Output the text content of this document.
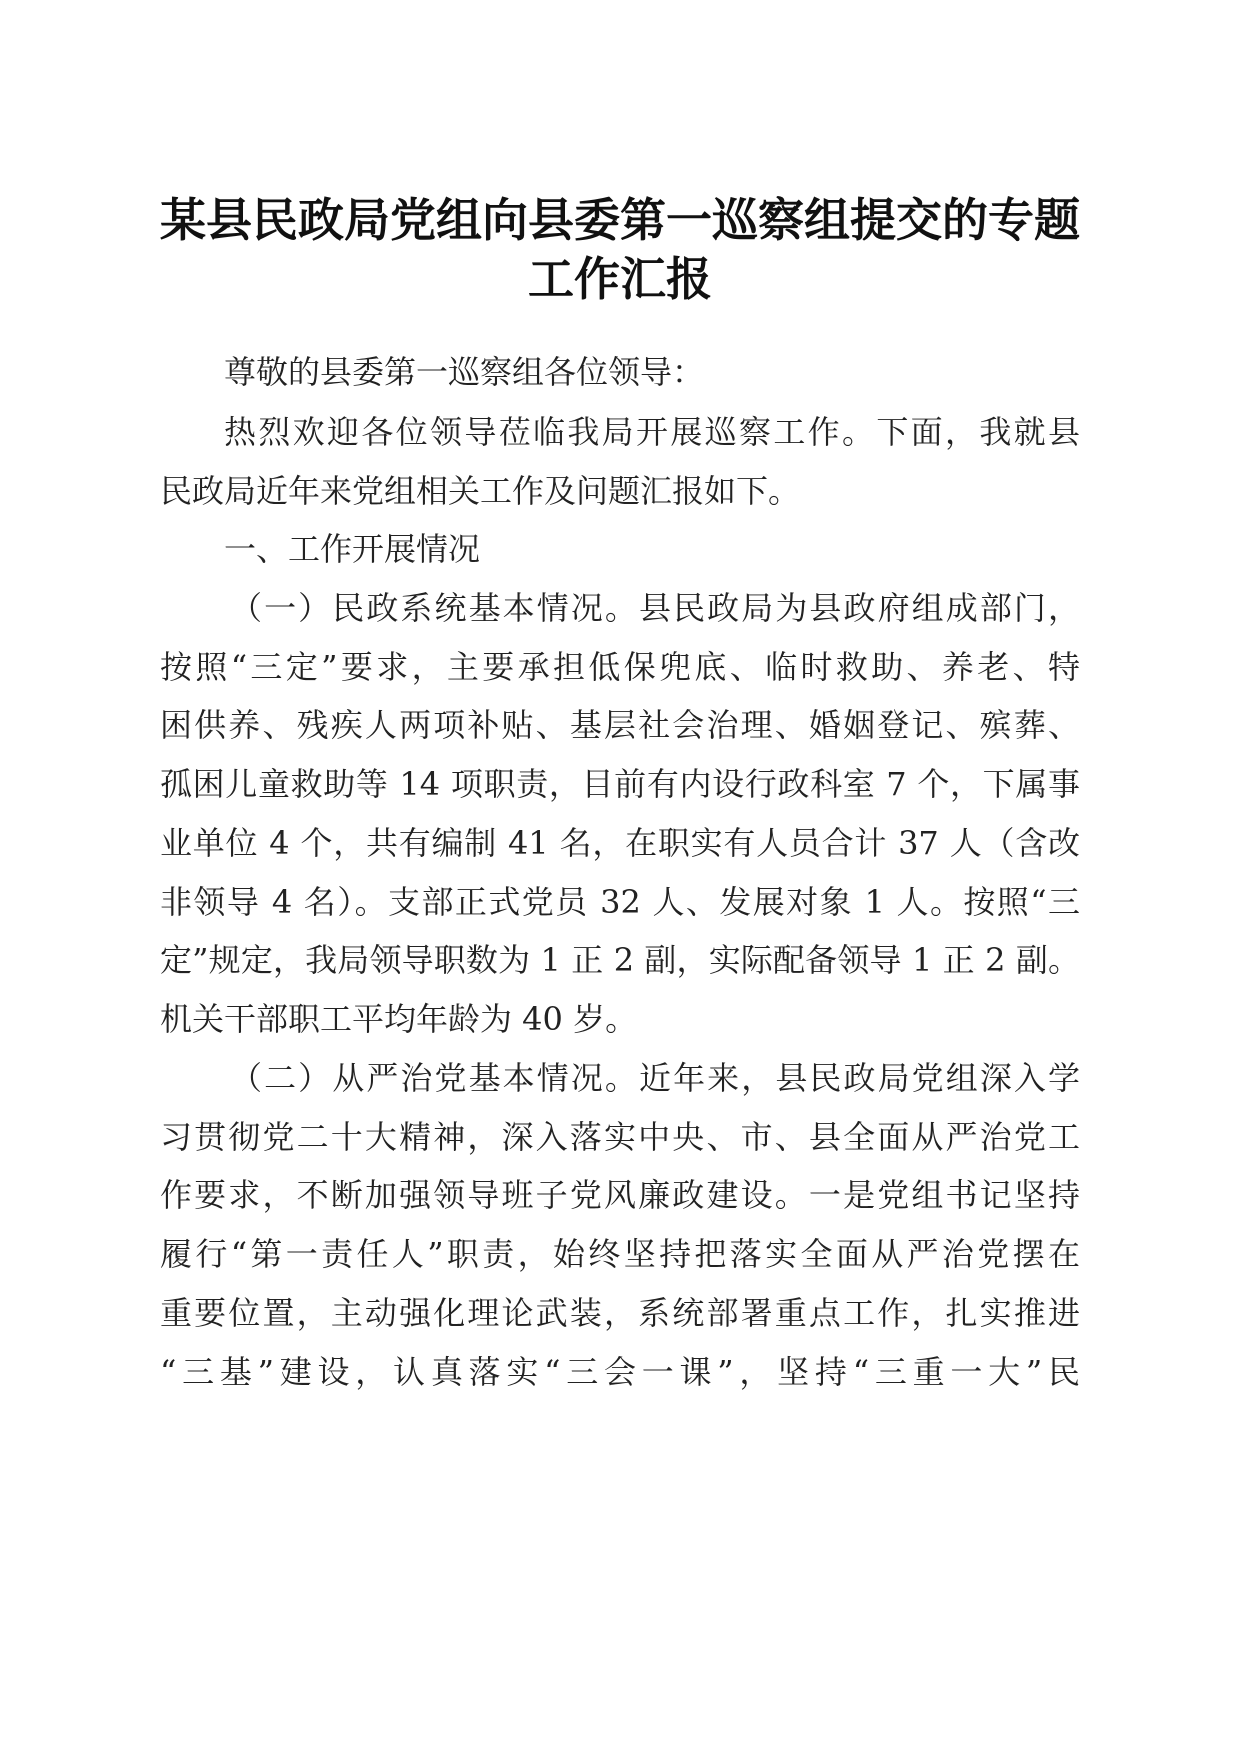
某县民政局党组向县委第一巡察组提交的专题
工作汇报
尊敬的县委第一巡察组各位领导：
热烈欢迎各位领导莅临我局开展巡察工作。下面，我就县
民政局近年来党组相关工作及问题汇报如下。
一、工作开展情况
（一）民政系统基本情况。县民政局为县政府组成部门，
按照“三定”要求，主要承担低保兜底、临时救助、养老、特
困供养、残疾人两项补贴、基层社会治理、婚姻登记、殡葬、
孤困儿童救助等 14 项职责，目前有内设行政科室 7 个，下属事
业单位 4 个，共有编制 41 名，在职实有人员合计 37 人（含改
非领导 4 名）。支部正式党员 32 人、发展对象 1 人。按照“三
定”规定，我局领导职数为 1 正 2 副，实际配备领导 1 正 2 副。
机关干部职工平均年龄为 40 岁。
（二）从严治党基本情况。近年来，县民政局党组深入学
习贯彻党二十大精神，深入落实中央、市、县全面从严治党工
作要求，不断加强领导班子党风廉政建设。一是党组书记坚持
履行“第一责任人”职责，始终坚持把落实全面从严治党摆在
重要位置，主动强化理论武装，系统部署重点工作，扎实推进
“三基”建设，认真落实“三会一课”，坚持“三重一大”民
